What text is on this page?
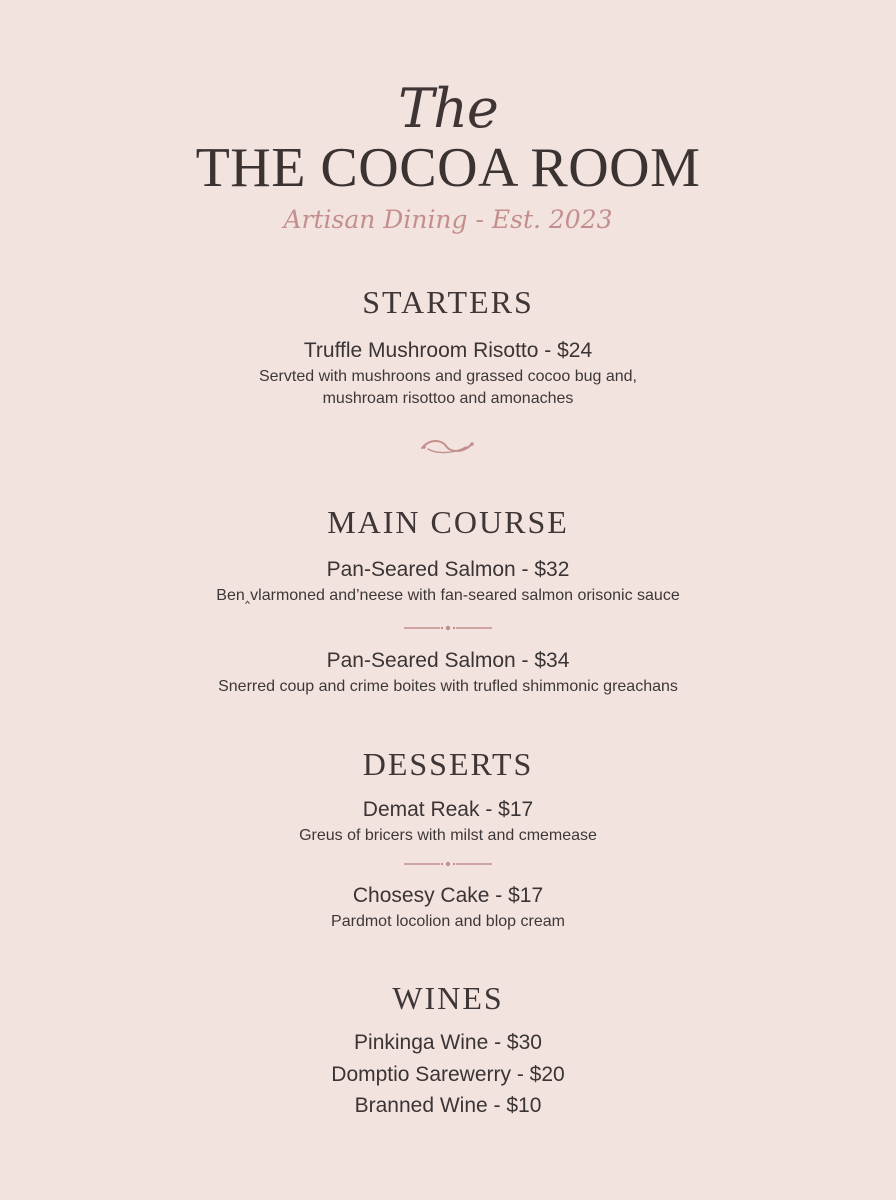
The
THE COCOA ROOM
Artisan Dining - Est. 2023
STARTERS
Truffle Mushroom Risotto - $24
Servted with mushroons and grassed cocoo bug and,
mushroam risottoo and amonaches
MAIN COURSE
Pan-Seared Salmon - $32
Ben‸vlarmoned and’neese with fan-seared salmon orisonic sauce
Pan-Seared Salmon - $34
Snerred coup and crime boites with trufled shimmonic greachans
DESSERTS
Demat Reak - $17
Greus of bricers with milst and cmemease
Chosesy Cake - $17
Pardmot locolion and blop cream
WINES
Pinkinga Wine - $30
Domptio Sarewerry - $20
Branned Wine - $10
